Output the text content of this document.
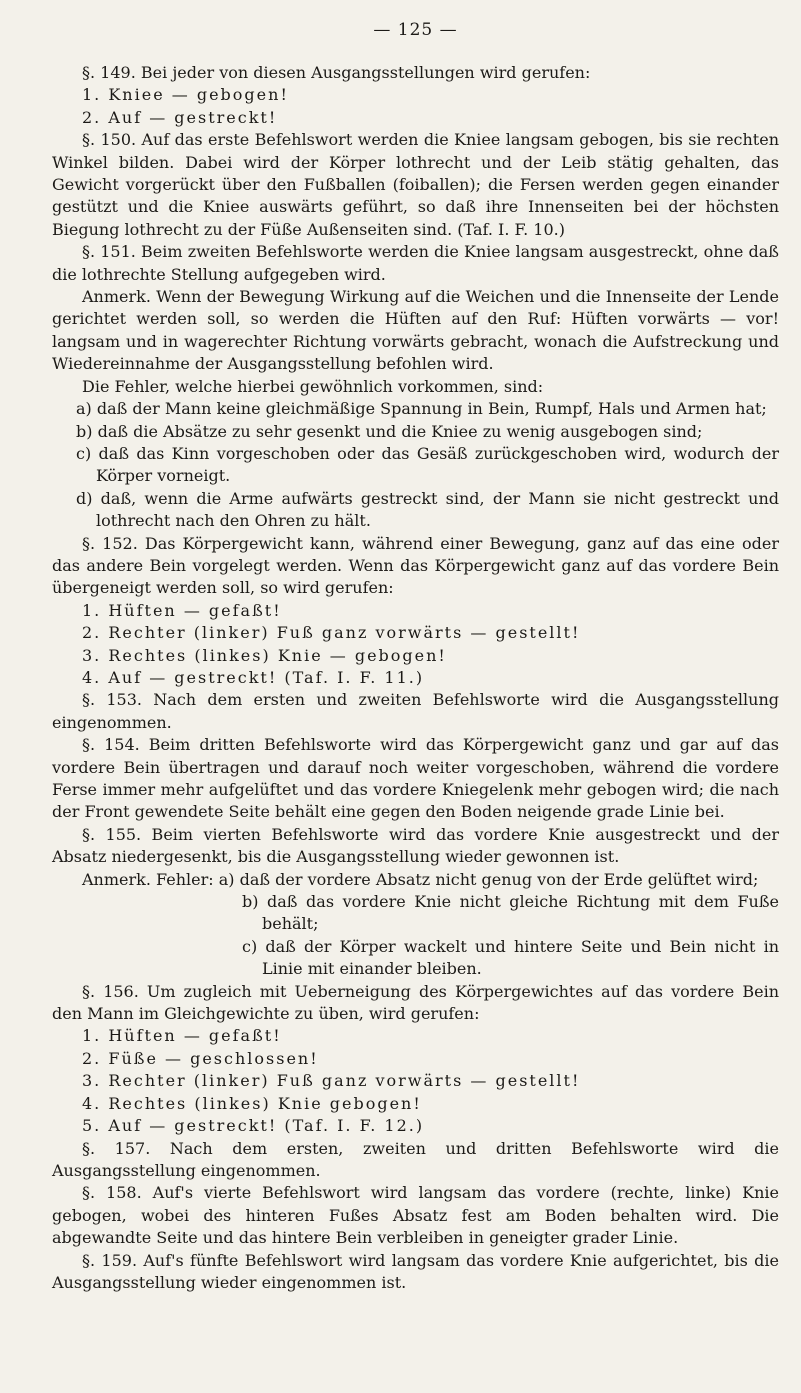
— 125 —

§. 149. Bei jeder von diesen Ausgangsstellungen wird gerufen:

1. Kniee — gebogen!

2. Auf — gestreckt!

§. 150. Auf das erste Befehlswort werden die Kniee langsam gebogen, bis sie rechten Winkel bilden. Dabei wird der Körper lothrecht und der Leib stätig gehalten, das Gewicht vorgerückt über den Fußballen (foiballen); die Fersen werden gegen einander gestützt und die Kniee auswärts geführt, so daß ihre Innenseiten bei der höchsten Biegung lothrecht zu der Füße Außenseiten sind. (Taf. I. F. 10.)

§. 151. Beim zweiten Befehlsworte werden die Kniee langsam ausgestreckt, ohne daß die lothrechte Stellung aufgegeben wird.

Anmerk. Wenn der Bewegung Wirkung auf die Weichen und die Innenseite der Lende gerichtet werden soll, so werden die Hüften auf den Ruf: Hüften vorwärts — vor! langsam und in wagerechter Richtung vorwärts gebracht, wonach die Aufstreckung und Wiedereinnahme der Ausgangsstellung befohlen wird.

Die Fehler, welche hierbei gewöhnlich vorkommen, sind:

a) daß der Mann keine gleichmäßige Spannung in Bein, Rumpf, Hals und Armen hat;

b) daß die Absätze zu sehr gesenkt und die Kniee zu wenig ausgebogen sind;

c) daß das Kinn vorgeschoben oder das Gesäß zurückgeschoben wird, wodurch der Körper vorneigt.

d) daß, wenn die Arme aufwärts gestreckt sind, der Mann sie nicht gestreckt und lothrecht nach den Ohren zu hält.

§. 152. Das Körpergewicht kann, während einer Bewegung, ganz auf das eine oder das andere Bein vorgelegt werden. Wenn das Körpergewicht ganz auf das vordere Bein übergeneigt werden soll, so wird gerufen:

1. Hüften — gefaßt!

2. Rechter (linker) Fuß ganz vorwärts — gestellt!

3. Rechtes (linkes) Knie — gebogen!

4. Auf — gestreckt! (Taf. I. F. 11.)

§. 153. Nach dem ersten und zweiten Befehlsworte wird die Ausgangsstellung eingenommen.

§. 154. Beim dritten Befehlsworte wird das Körpergewicht ganz und gar auf das vordere Bein übertragen und darauf noch weiter vorgeschoben, während die vordere Ferse immer mehr aufgelüftet und das vordere Kniegelenk mehr gebogen wird; die nach der Front gewendete Seite behält eine gegen den Boden neigende grade Linie bei.

§. 155. Beim vierten Befehlsworte wird das vordere Knie ausgestreckt und der Absatz niedergesenkt, bis die Ausgangsstellung wieder gewonnen ist.

Anmerk. Fehler: a) daß der vordere Absatz nicht genug von der Erde gelüftet wird;

b) daß das vordere Knie nicht gleiche Richtung mit dem Fuße behält;

c) daß der Körper wackelt und hintere Seite und Bein nicht in Linie mit einander bleiben.

§. 156. Um zugleich mit Ueberneigung des Körpergewichtes auf das vordere Bein den Mann im Gleichgewichte zu üben, wird gerufen:

1. Hüften — gefaßt!

2. Füße — geschlossen!

3. Rechter (linker) Fuß ganz vorwärts — gestellt!

4. Rechtes (linkes) Knie gebogen!

5. Auf — gestreckt! (Taf. I. F. 12.)

§. 157. Nach dem ersten, zweiten und dritten Befehlsworte wird die Ausgangsstellung eingenommen.

§. 158. Auf's vierte Befehlswort wird langsam das vordere (rechte, linke) Knie gebogen, wobei des hinteren Fußes Absatz fest am Boden behalten wird. Die abgewandte Seite und das hintere Bein verbleiben in geneigter grader Linie.

§. 159. Auf's fünfte Befehlswort wird langsam das vordere Knie aufgerichtet, bis die Ausgangsstellung wieder eingenommen ist.
